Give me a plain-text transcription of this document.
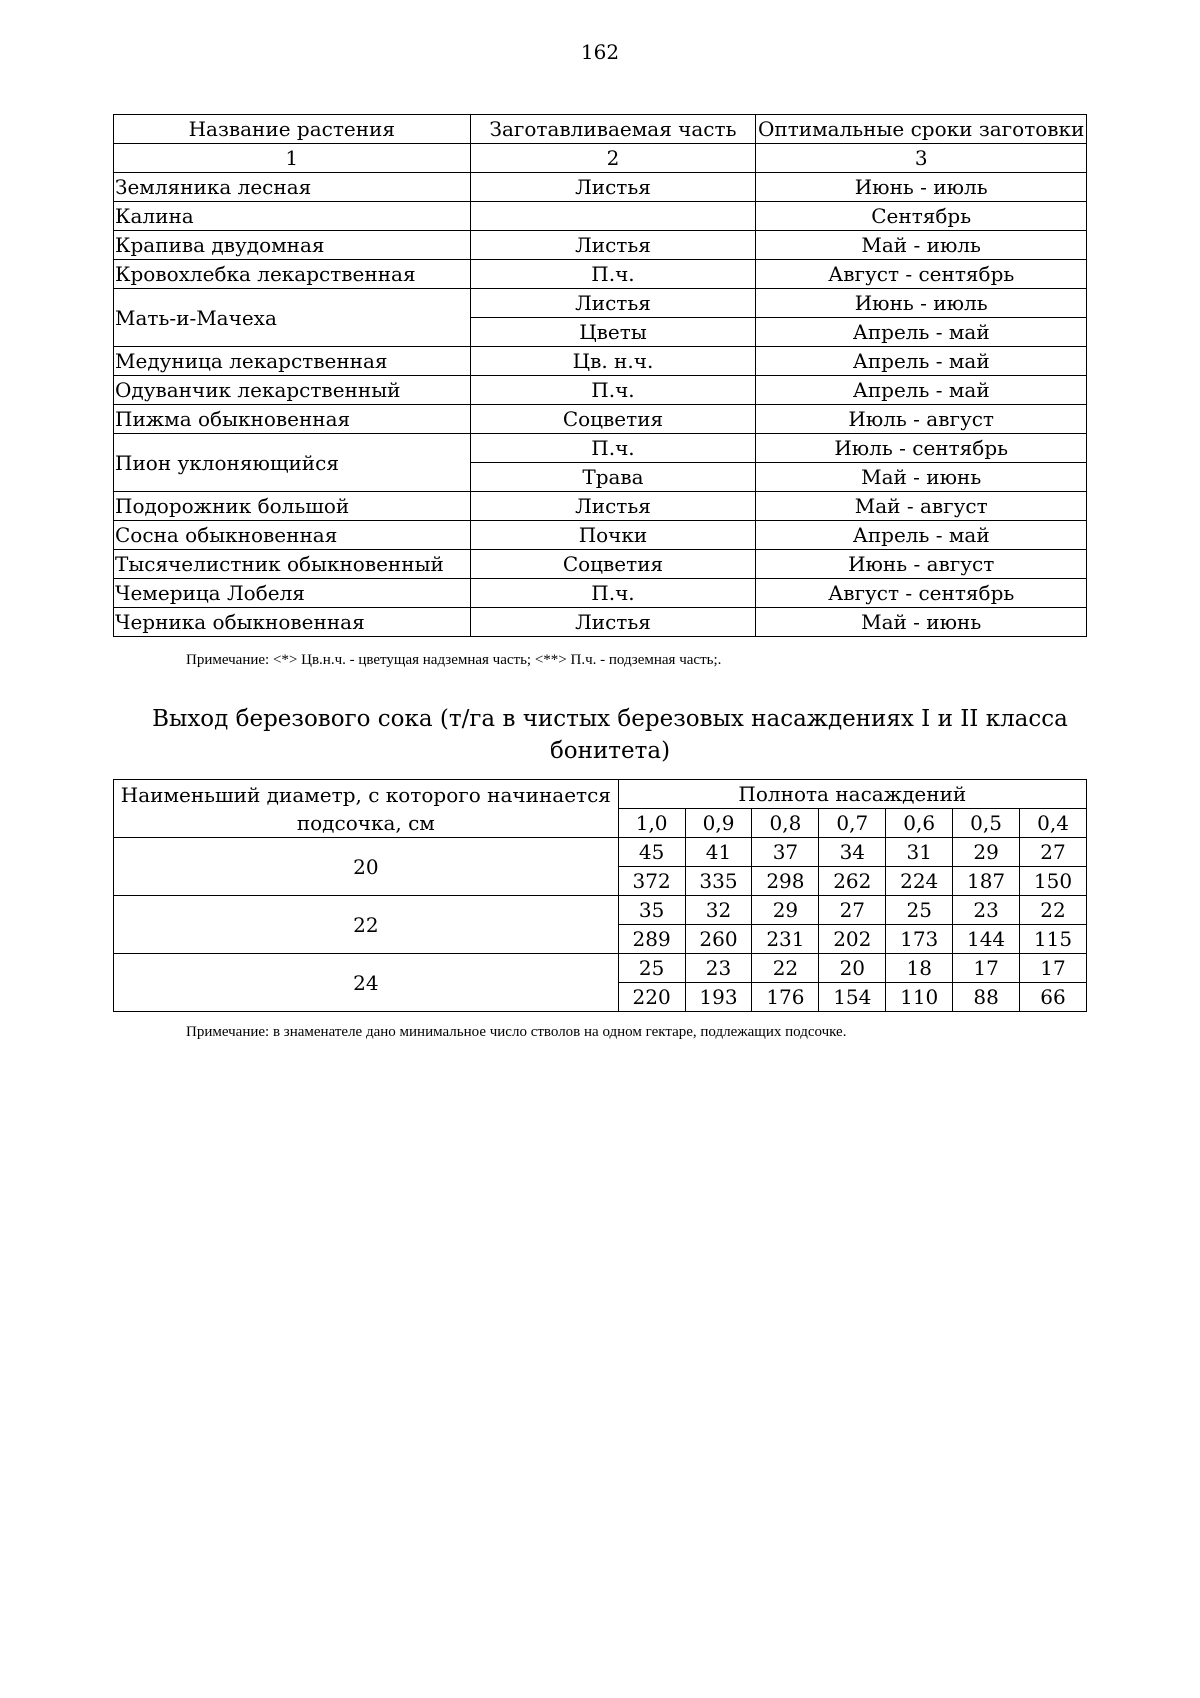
162
Название растения	Заготавливаемая часть	Оптимальные сроки заготовки
1	2	3
Земляника лесная	Листья	Июнь - июль
Калина		Сентябрь
Крапива двудомная	Листья	Май - июль
Кровохлебка лекарственная	П.ч.	Август - сентябрь
Мать-и-Мачеха	Листья	Июнь - июль
	Цветы	Апрель - май
Медуница лекарственная	Цв. н.ч.	Апрель - май
Одуванчик лекарственный	П.ч.	Апрель - май
Пижма обыкновенная	Соцветия	Июль - август
Пион уклоняющийся	П.ч.	Июль - сентябрь
	Трава	Май - июнь
Подорожник большой	Листья	Май - август
Сосна обыкновенная	Почки	Апрель - май
Тысячелистник обыкновенный	Соцветия	Июнь - август
Чемерица Лобеля	П.ч.	Август - сентябрь
Черника обыкновенная	Листья	Май - июнь
Примечание: <*> Цв.н.ч. - цветущая надземная часть; <**> П.ч. - подземная часть;.
Выход березового сока (т/га в чистых березовых насаждениях I и II класса бонитета)
Наименьший диаметр, с которого начинается подсочка, см	Полнота насаждений						
	1,0	0,9	0,8	0,7	0,6	0,5	0,4
20	45	41	37	34	31	29	27
	372	335	298	262	224	187	150
22	35	32	29	27	25	23	22
	289	260	231	202	173	144	115
24	25	23	22	20	18	17	17
	220	193	176	154	110	88	66
Примечание: в знаменателе дано минимальное число стволов на одном гектаре, подлежащих подсочке.
